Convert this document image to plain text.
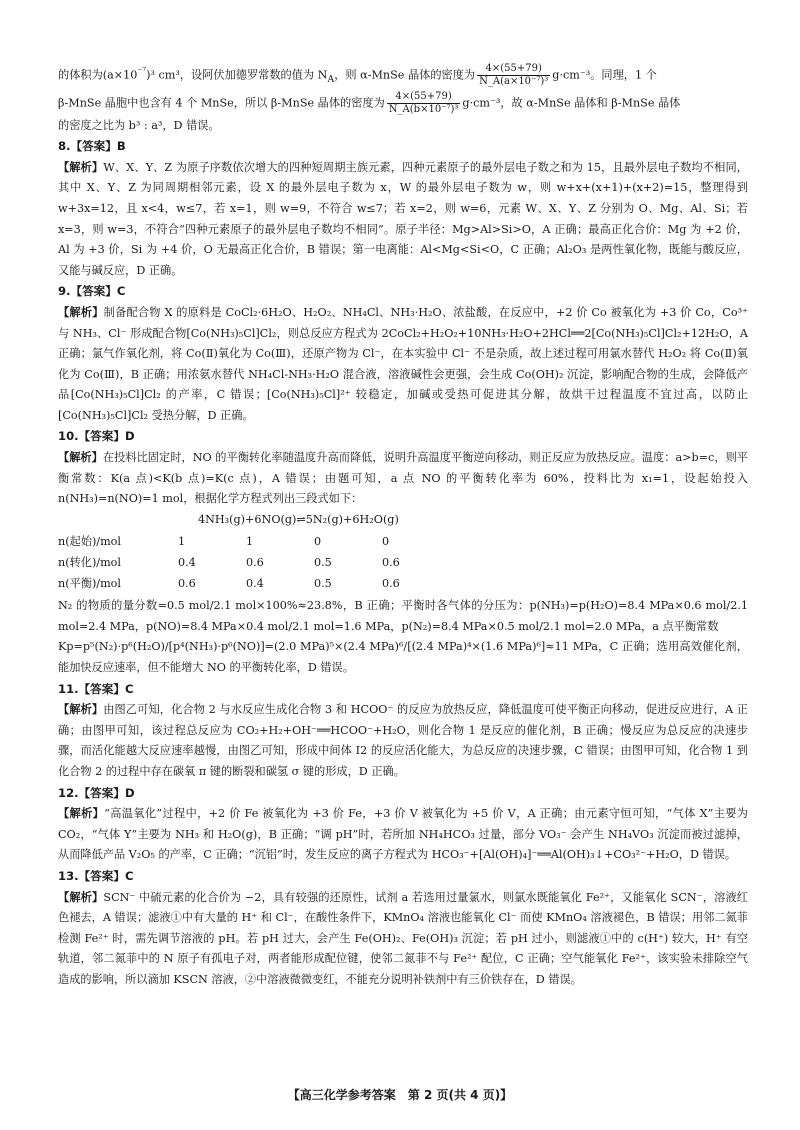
的体积为$(a\times 10^{^{-7}})^3$ cm³，设阿伏加德罗常数的值为 $N_A$，则 α-MnSe 晶体的密度为 $\frac{4\times(55+79)}{\text{N\_A(a×10⁻⁷)³}} g\cdot cm^{-3}$。同理，1 个
β-MnSe 晶胞中也含有 4 个 MnSe，所以 β-MnSe 晶体的密度为 $\frac{4\times(55+79)}{\text{N\_A(b×10⁻⁷)³}} g\cdot cm^{-3}$，故 α-MnSe 晶体和 β-MnSe 晶体
的密度之比为 b³ : a³，D 错误。

8.【答案】B

【解析】W、X、Y、Z 为原子序数依次增大的四种短周期主族元素，四种元素原子的最外层电子数之和为 15，且最外层电子数均不相同，其中 X、Y、Z 为同周期相邻元素，设 X 的最外层电子数为 x，W 的最外层电子数为 w，则 w+x+(x+1)+(x+2)=15，整理得到 w+3x=12，且 x<4，w≤7，若 x=1，则 w=9，不符合 w≤7；若 x=2，则 w=6，元素 W、X、Y、Z 分别为 O、Mg、Al、Si；若 x=3，则 w=3，不符合“四种元素原子的最外层电子数均不相同”。原子半径：Mg>Al>Si>O，A 正确；最高正化合价：Mg 为 +2 价，Al 为 +3 价，Si 为 +4 价，O 无最高正化合价，B 错误；第一电离能：Al<Mg<Si<O，C 正确；Al₂O₃ 是两性氧化物，既能与酸反应，又能与碱反应，D 正确。

9.【答案】C

【解析】制备配合物 X 的原料是 CoCl₂·6H₂O、H₂O₂、NH₄Cl、NH₃·H₂O、浓盐酸，在反应中，+2 价 Co 被氧化为 +3 价 Co，Co³⁺ 与 NH₃、Cl⁻ 形成配合物[Co(NH₃)₅Cl]Cl₂，则总反应方程式为 2CoCl₂+H₂O₂+10NH₃·H₂O+2HCl══2[Co(NH₃)₅Cl]Cl₂+12H₂O，A 正确；氯气作氧化剂，将 Co(Ⅱ)氧化为 Co(Ⅲ)，还原产物为 Cl⁻，在本实验中 Cl⁻ 不是杂质，故上述过程可用氯水替代 H₂O₂ 将 Co(Ⅱ)氧化为 Co(Ⅲ)，B 正确；用浓氨水替代 NH₄Cl-NH₃·H₂O 混合液，溶液碱性会更强，会生成 Co(OH)₂ 沉淀，影响配合物的生成，会降低产品[Co(NH₃)₅Cl]Cl₂ 的产率，C 错误；[Co(NH₃)₅Cl]²⁺ 较稳定，加碱或受热可促进其分解，故烘干过程温度不宜过高，以防止[Co(NH₃)₅Cl]Cl₂ 受热分解，D 正确。

10.【答案】D

【解析】在投料比固定时，NO 的平衡转化率随温度升高而降低，说明升高温度平衡逆向移动，则正反应为放热反应。温度：a>b=c，则平衡常数：K(a 点)<K(b 点)=K(c 点)，A 错误；由题可知，a 点 NO 的平衡转化率为 60%，投料比为 x₁=1，设起始投入 n(NH₃)=n(NO)=1 mol，根据化学方程式列出三段式如下：

4NH₃(g)+6NO(g)⇌5N₂(g)+6H₂O(g)

n(起始)/mol	1	1	0	0
n(转化)/mol	0.4	0.6	0.5	0.6
n(平衡)/mol	0.6	0.4	0.5	0.6

N₂ 的物质的量分数=0.5 mol/2.1 mol×100%≈23.8%，B 正确；平衡时各气体的分压为：p(NH₃)=p(H₂O)=8.4 MPa×0.6 mol/2.1 mol=2.4 MPa，p(NO)=8.4 MPa×0.4 mol/2.1 mol=1.6 MPa，p(N₂)=8.4 MPa×0.5 mol/2.1 mol=2.0 MPa，a 点平衡常数

Kp=p⁵(N₂)·p⁶(H₂O)/[p⁴(NH₃)·p⁶(NO)]=(2.0 MPa)⁵×(2.4 MPa)⁶/[(2.4 MPa)⁴×(1.6 MPa)⁶]≈11 MPa，C 正确；选用高效催化剂，能加快反应速率，但不能增大 NO 的平衡转化率，D 错误。

11.【答案】C

【解析】由图乙可知，化合物 2 与水反应生成化合物 3 和 HCOO⁻ 的反应为放热反应，降低温度可使平衡正向移动，促进反应进行，A 正确；由图甲可知，该过程总反应为 CO₂+H₂+OH⁻══HCOO⁻+H₂O，则化合物 1 是反应的催化剂，B 正确；慢反应为总反应的决速步骤，而活化能越大反应速率越慢，由图乙可知，形成中间体 I2 的反应活化能大，为总反应的决速步骤，C 错误；由图甲可知，化合物 1 到化合物 2 的过程中存在碳氧 π 键的断裂和碳氢 σ 键的形成，D 正确。

12.【答案】D

【解析】“高温氧化”过程中，+2 价 Fe 被氧化为 +3 价 Fe，+3 价 V 被氧化为 +5 价 V，A 正确；由元素守恒可知，“气体 X”主要为 CO₂，“气体 Y”主要为 NH₃ 和 H₂O(g)，B 正确；“调 pH”时，若所加 NH₄HCO₃ 过量，部分 VO₃⁻ 会产生 NH₄VO₃ 沉淀而被过滤掉，从而降低产品 V₂O₅ 的产率，C 正确；“沉铝”时，发生反应的离子方程式为 HCO₃⁻+[Al(OH)₄]⁻══Al(OH)₃↓+CO₃²⁻+H₂O，D 错误。

13.【答案】C

【解析】SCN⁻ 中硫元素的化合价为 −2，具有较强的还原性，试剂 a 若选用过量氯水，则氯水既能氧化 Fe²⁺，又能氧化 SCN⁻，溶液红色褪去，A 错误；滤液①中有大量的 H⁺ 和 Cl⁻，在酸性条件下，KMnO₄ 溶液也能氧化 Cl⁻ 而使 KMnO₄ 溶液褪色，B 错误；用邻二氮菲检测 Fe²⁺ 时，需先调节溶液的 pH。若 pH 过大，会产生 Fe(OH)₂、Fe(OH)₃ 沉淀；若 pH 过小，则滤液①中的 c(H⁺) 较大，H⁺ 有空轨道，邻二氮菲中的 N 原子有孤电子对，两者能形成配位键，使邻二氮菲不与 Fe²⁺ 配位，C 正确；空气能氧化 Fe²⁺，该实验未排除空气造成的影响，所以滴加 KSCN 溶液，②中溶液微微变红，不能充分说明补铁剂中有三价铁存在，D 错误。

【高三化学参考答案　第 2 页(共 4 页)】
